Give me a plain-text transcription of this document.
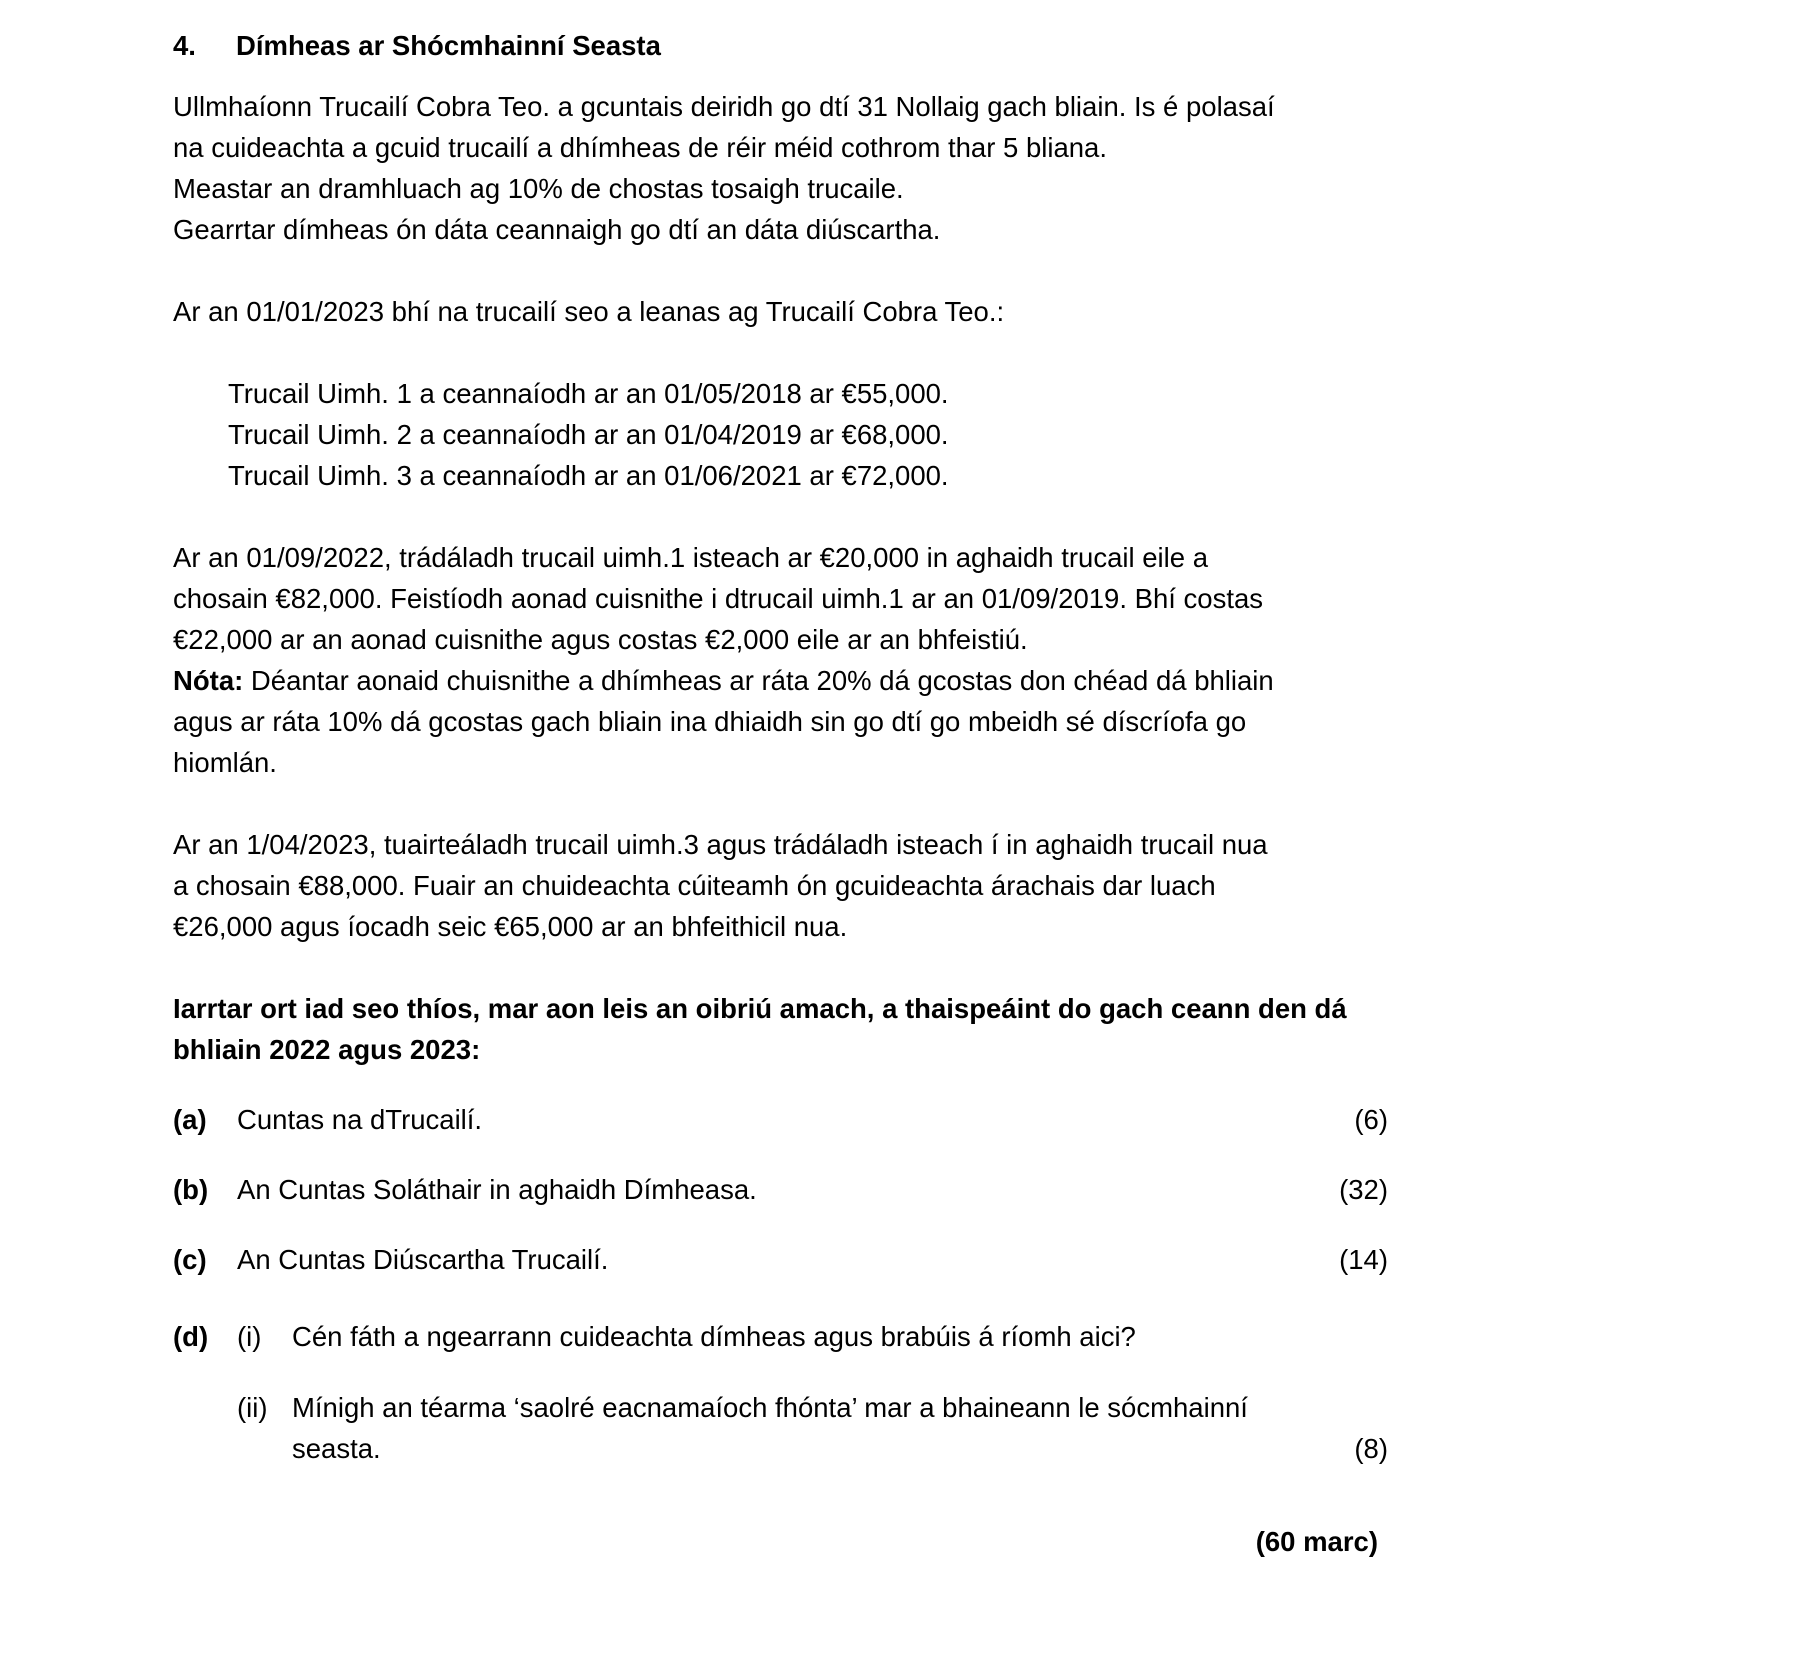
4.	Dímheas ar Shócmhainní Seasta

Ullmhaíonn Trucailí Cobra Teo. a gcuntais deiridh go dtí 31 Nollaig gach bliain. Is é polasaí

na cuideachta a gcuid trucailí a dhímheas de réir méid cothrom thar 5 bliana.

Meastar an dramhluach ag 10% de chostas tosaigh trucaile.

Gearrtar dímheas ón dáta ceannaigh go dtí an dáta diúscartha.

Ar an 01/01/2023 bhí na trucailí seo a leanas ag Trucailí Cobra Teo.:

Trucail Uimh. 1 a ceannaíodh ar an 01/05/2018 ar €55,000.
Trucail Uimh. 2 a ceannaíodh ar an 01/04/2019 ar €68,000.
Trucail Uimh. 3 a ceannaíodh ar an 01/06/2021 ar €72,000.

Ar an 01/09/2022, trádáladh trucail uimh.1 isteach ar €20,000 in aghaidh trucail eile a

chosain €82,000. Feistíodh aonad cuisnithe i dtrucail uimh.1 ar an 01/09/2019. Bhí costas

€22,000 ar an aonad cuisnithe agus costas €2,000 eile ar an bhfeistiú.

Nóta: Déantar aonaid chuisnithe a dhímheas ar ráta 20% dá gcostas don chéad dá bhliain

agus ar ráta 10% dá gcostas gach bliain ina dhiaidh sin go dtí go mbeidh sé díscríofa go

hiomlán.

Ar an 1/04/2023, tuairteáladh trucail uimh.3 agus trádáladh isteach í in aghaidh trucail nua

a chosain €88,000. Fuair an chuideachta cúiteamh ón gcuideachta árachais dar luach

€26,000 agus íocadh seic €65,000 ar an bhfeithicil nua.

Iarrtar ort iad seo thíos, mar aon leis an oibriú amach, a thaispeáint do gach ceann den dá

bhliain 2022 agus 2023:

(a)	Cuntas na dTrucailí.	(6)
(b)	An Cuntas Soláthair in aghaidh Dímheasa.	(32)
(c)	An Cuntas Diúscartha Trucailí.	(14)
(d)	(i)	Cén fáth a ngearrann cuideachta dímheas agus brabúis á ríomh aici?
(ii) Mínigh an téarma ‘saolré eacnamaíoch fhónta’ mar a bhaineann le sócmhainní
seasta.	(8)
(60 marc)
